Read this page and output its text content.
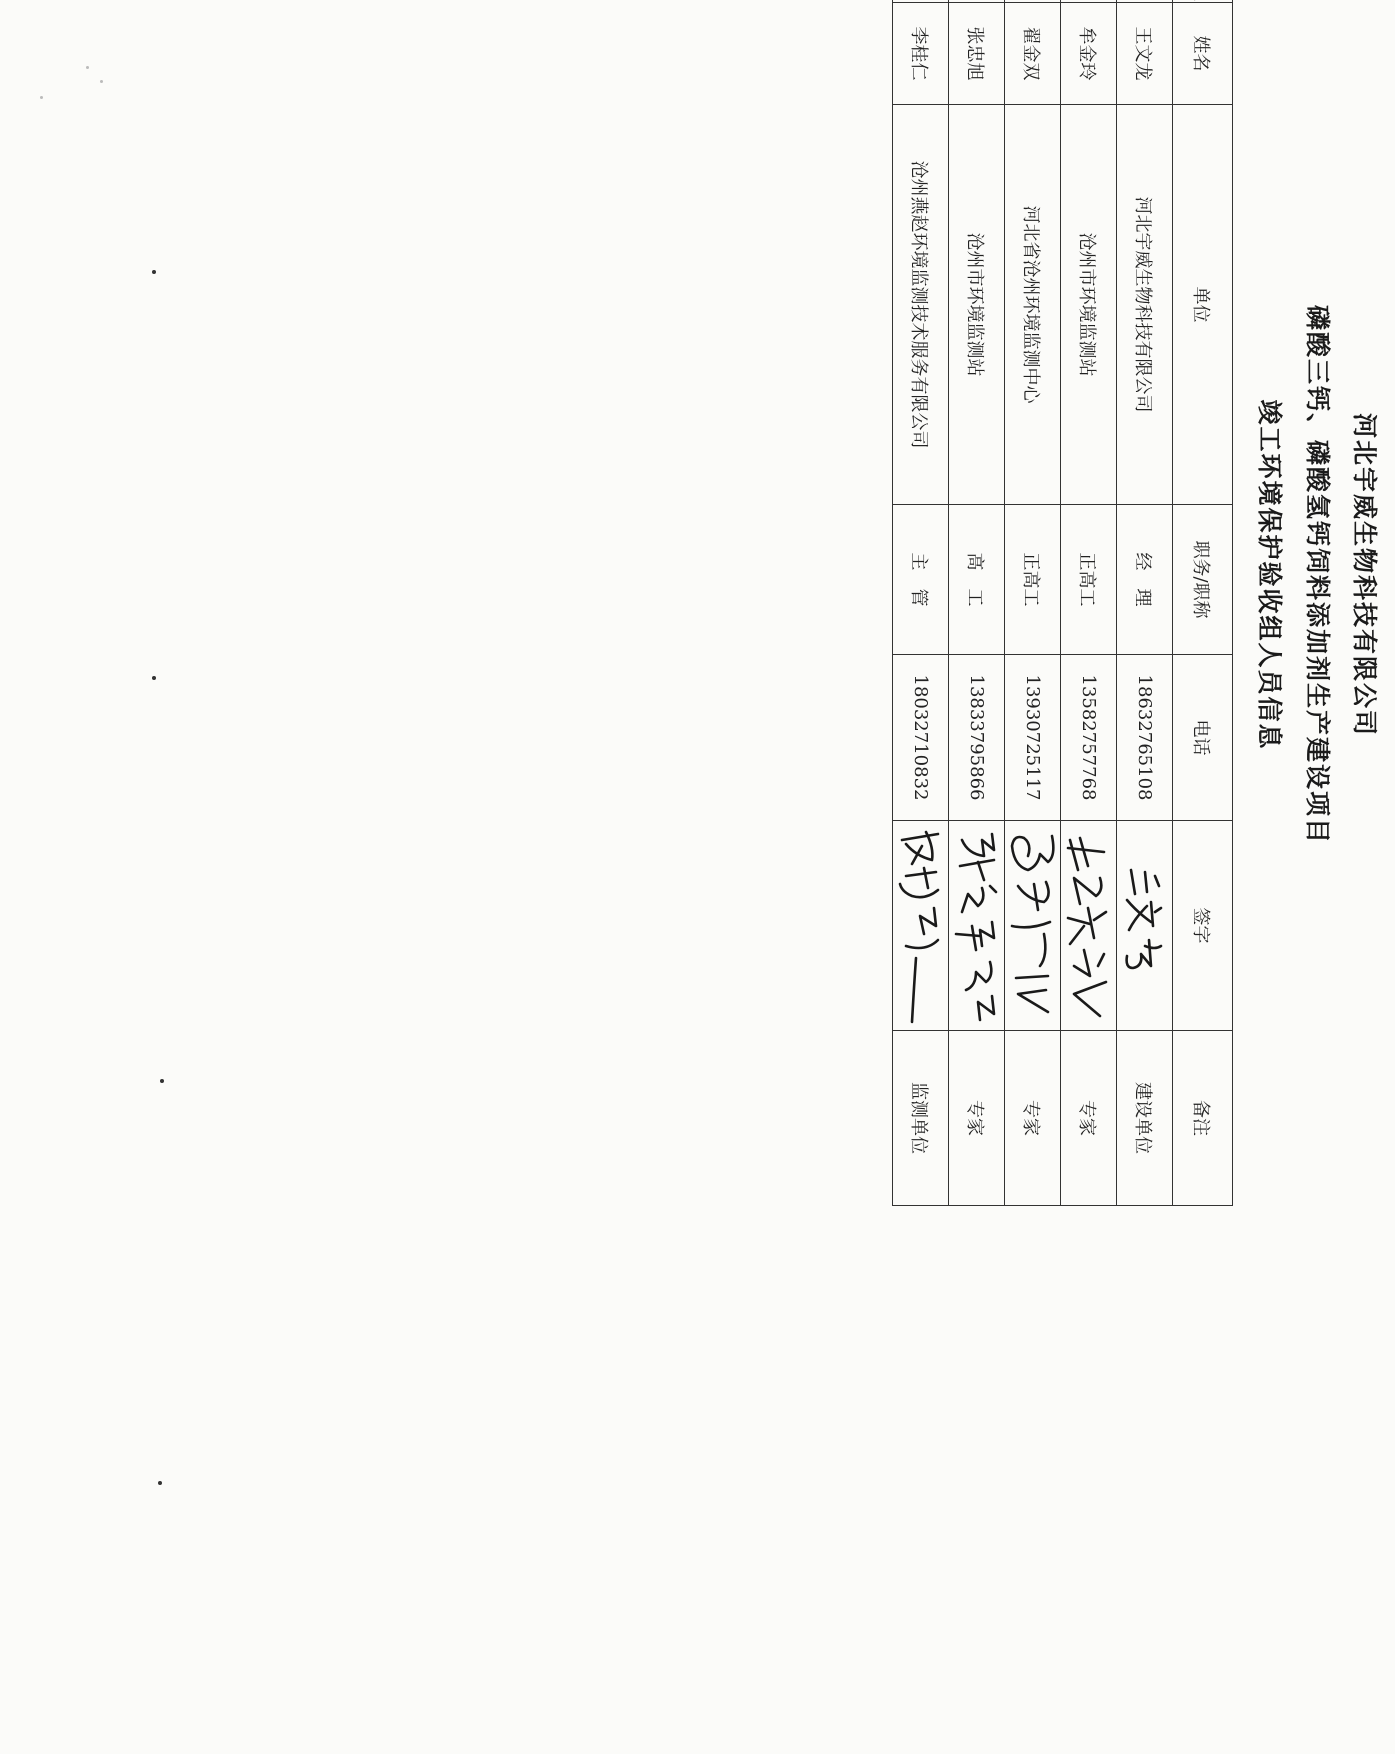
河北宇威生物科技有限公司
磷酸三钙、磷酸氢钙饲料添加剂生产建设项目
竣工环境保护验收组人员信息
	姓名	单位	职务/职称	电话	签字	备注
	王文龙	河北宇威生物科技有限公司	经　理	18632765108		建设单位
	牟金玲	沧州市环境监测站	正高工	13582757768		专家
	翟金双	河北省沧州环境监测中心	正高工	13930725117		专家
	张忠旭	沧州市环境监测站	高　工	13833795866		专家
	李桂仁	沧州燕赵环境监测技术服务有限公司	主　管	18032710832		监测单位
